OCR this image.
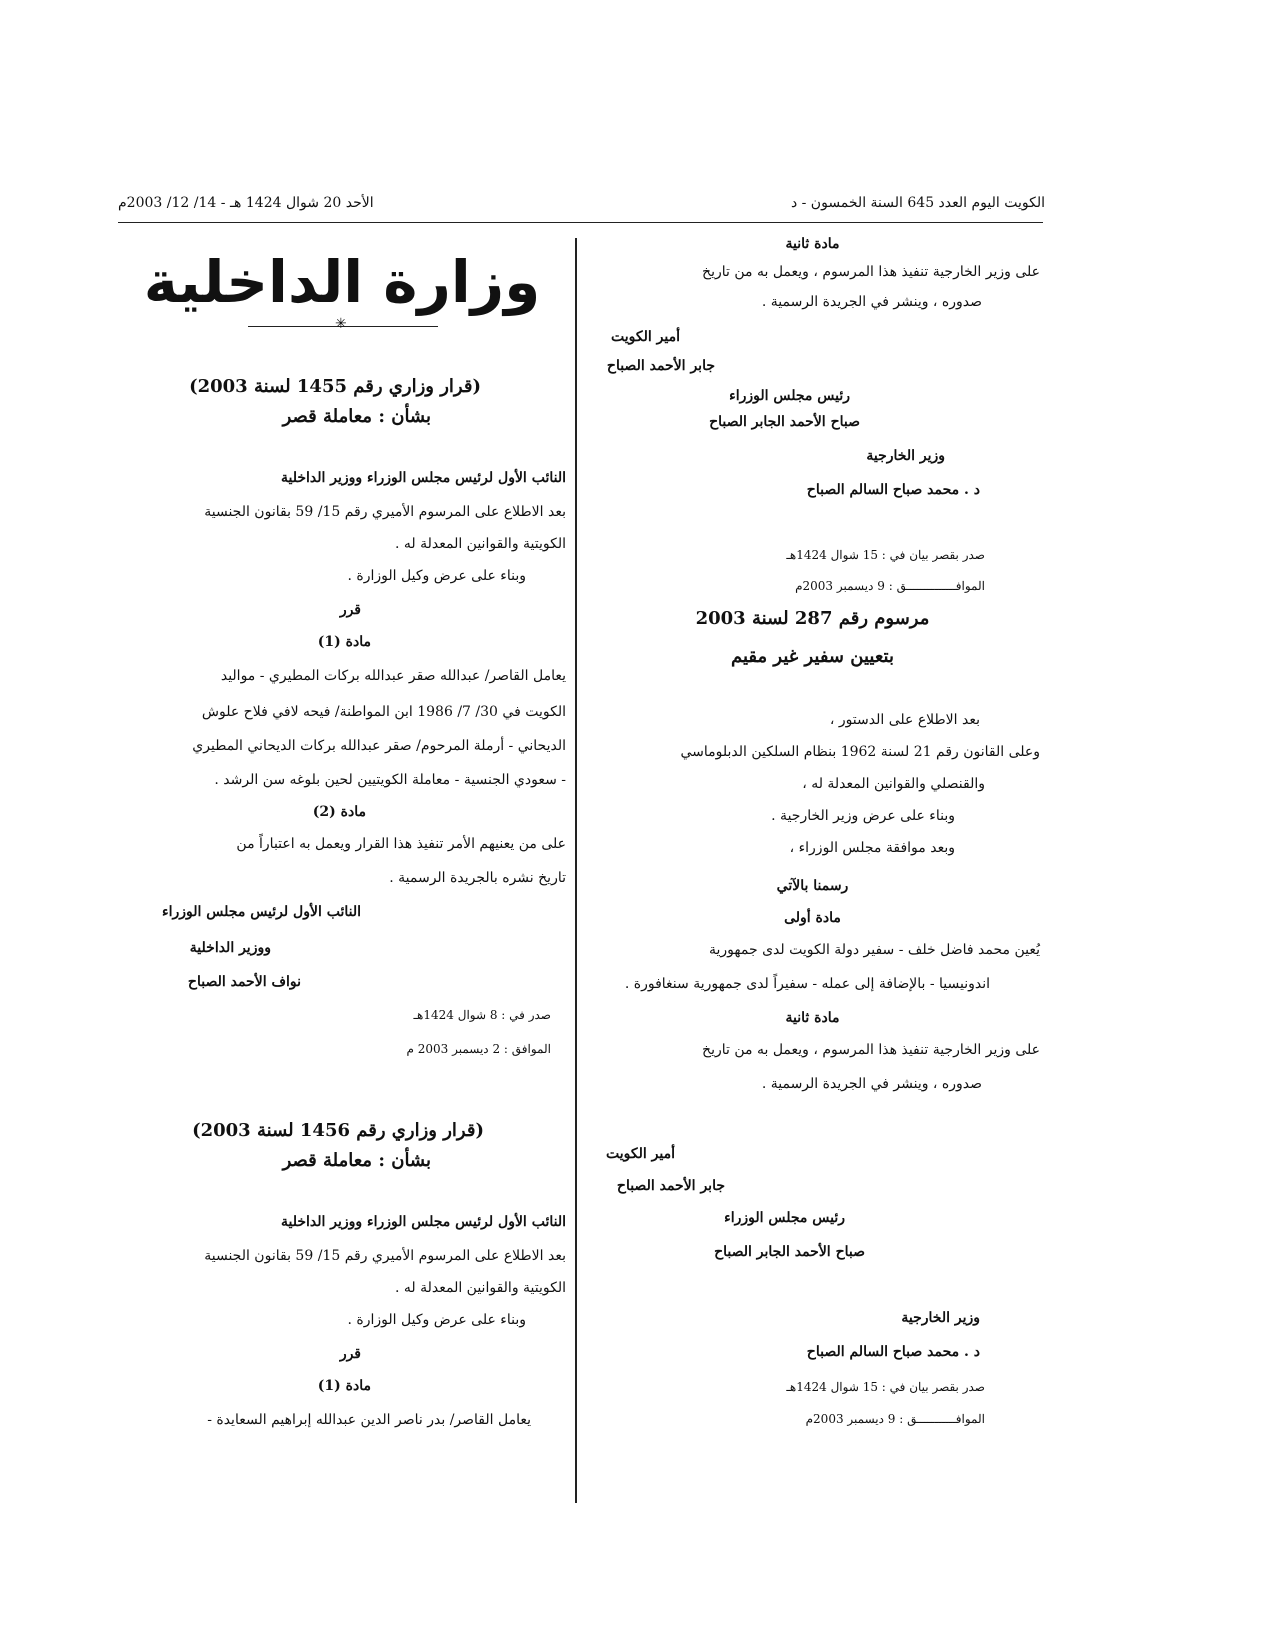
الكويت اليوم العدد 645 السنة الخمسون - د
الأحد 20 شوال 1424 هـ - 14/ 12/ 2003م
مادة ثانية
على وزير الخارجية تنفيذ هذا المرسوم ، ويعمل به من تاريخ
صدوره ، وينشر في الجريدة الرسمية .
أمير الكويت
جابر الأحمد الصباح
رئيس مجلس الوزراء
صباح الأحمد الجابر الصباح
وزير الخارجية
د . محمد صباح السالم الصباح
صدر بقصر بيان في : 15 شوال 1424هـ
الموافــــــــــــــق : 9 ديسمبر 2003م
مرسوم رقم 287 لسنة 2003
بتعيين سفير غير مقيم
بعد الاطلاع على الدستور ،
وعلى القانون رقم 21 لسنة 1962 بنظام السلكين الدبلوماسي
والقنصلي والقوانين المعدلة له ،
وبناء على عرض وزير الخارجية .
وبعد موافقة مجلس الوزراء ،
رسمنا بالآتي
مادة أولى
يُعين محمد فاضل خلف - سفير دولة الكويت لدى جمهورية
اندونيسيا - بالإضافة إلى عمله - سفيراً لدى جمهورية سنغافورة .
مادة ثانية
على وزير الخارجية تنفيذ هذا المرسوم ، ويعمل به من تاريخ
صدوره ، وينشر في الجريدة الرسمية .
أمير الكويت
جابر الأحمد الصباح
رئيس مجلس الوزراء
صباح الأحمد الجابر الصباح
وزير الخارجية
د . محمد صباح السالم الصباح
صدر بقصر بيان في : 15 شوال 1424هـ
الموافـــــــــــق : 9 ديسمبر 2003م
وزارة الداخلية
✳
(قرار وزاري رقم 1455 لسنة 2003)
بشأن : معاملة قصر
النائب الأول لرئيس مجلس الوزراء ووزير الداخلية
بعد الاطلاع على المرسوم الأميري رقم 15/ 59 بقانون الجنسية
الكويتية والقوانين المعدلة له .
وبناء على عرض وكيل الوزارة .
قرر
مادة (1)
يعامل القاصر/ عبدالله صقر عبدالله بركات المطيري - مواليد
الكويت في 30/ 7/ 1986 ابن المواطنة/ فيحه لافي فلاح علوش
الديحاني - أرملة المرحوم/ صقر عبدالله بركات الديحاني المطيري
- سعودي الجنسية - معاملة الكويتيين لحين بلوغه سن الرشد .
مادة (2)
على من يعنيهم الأمر تنفيذ هذا القرار ويعمل به اعتباراً من
تاريخ نشره بالجريدة الرسمية .
النائب الأول لرئيس مجلس الوزراء
ووزير الداخلية
نواف الأحمد الصباح
صدر في : 8 شوال 1424هـ
الموافق : 2 ديسمبر 2003 م
(قرار وزاري رقم 1456 لسنة 2003)
بشأن : معاملة قصر
النائب الأول لرئيس مجلس الوزراء ووزير الداخلية
بعد الاطلاع على المرسوم الأميري رقم 15/ 59 بقانون الجنسية
الكويتية والقوانين المعدلة له .
وبناء على عرض وكيل الوزارة .
قرر
مادة (1)
يعامل القاصر/ بدر ناصر الدين عبدالله إبراهيم السعايدة -
